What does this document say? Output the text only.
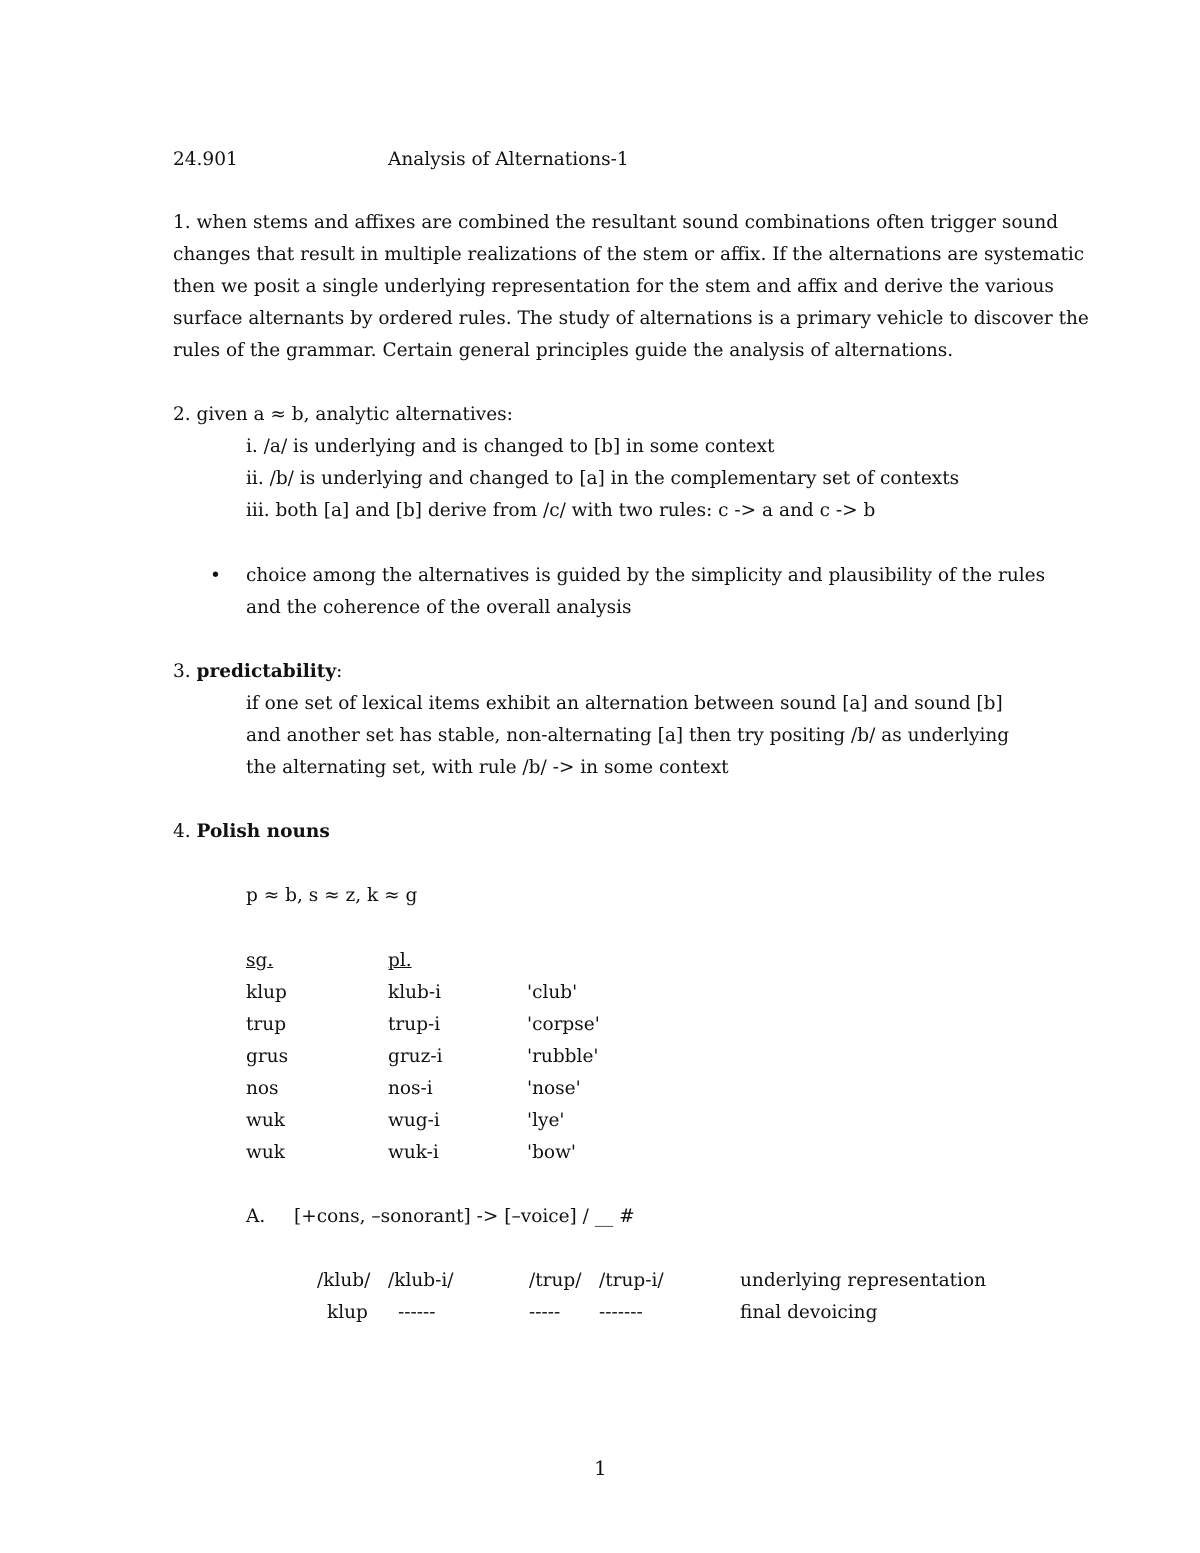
24.901	Analysis of Alternations-1
1. when stems and affixes are combined the resultant sound combinations often trigger sound
changes that result in multiple realizations of the stem or affix. If the alternations are systematic
then we posit a single underlying representation for the stem and affix and derive the various
surface alternants by ordered rules. The study of alternations is a primary vehicle to discover the
rules of the grammar. Certain general principles guide the analysis of alternations.
2. given a ≈ b, analytic alternatives:
i. /a/ is underlying and is changed to [b] in some context
ii. /b/ is underlying and changed to [a] in the complementary set of contexts
iii. both [a] and [b] derive from /c/ with two rules: c -> a and c -> b
• choice among the alternatives is guided by the simplicity and plausibility of the rules
and the coherence of the overall analysis
3. predictability:
if one set of lexical items exhibit an alternation between sound [a] and sound [b]
and another set has stable, non-alternating [a] then try positing /b/ as underlying
the alternating set, with rule /b/ -> in some context
4. Polish nouns
p ≈ b, s ≈ z, k ≈ g
sg.	pl.
klup	klub-i	'club'
trup	trup-i	'corpse'
grus	gruz-i	'rubble'
nos	nos-i	'nose'
wuk	wug-i	'lye'
wuk	wuk-i	'bow'
A. [+cons, –sonorant] -> [–voice] / __ #
/klub/ /klub-i/	/trup/ /trup-i/	underlying representation
klup ------	----- -------	final devoicing
1
